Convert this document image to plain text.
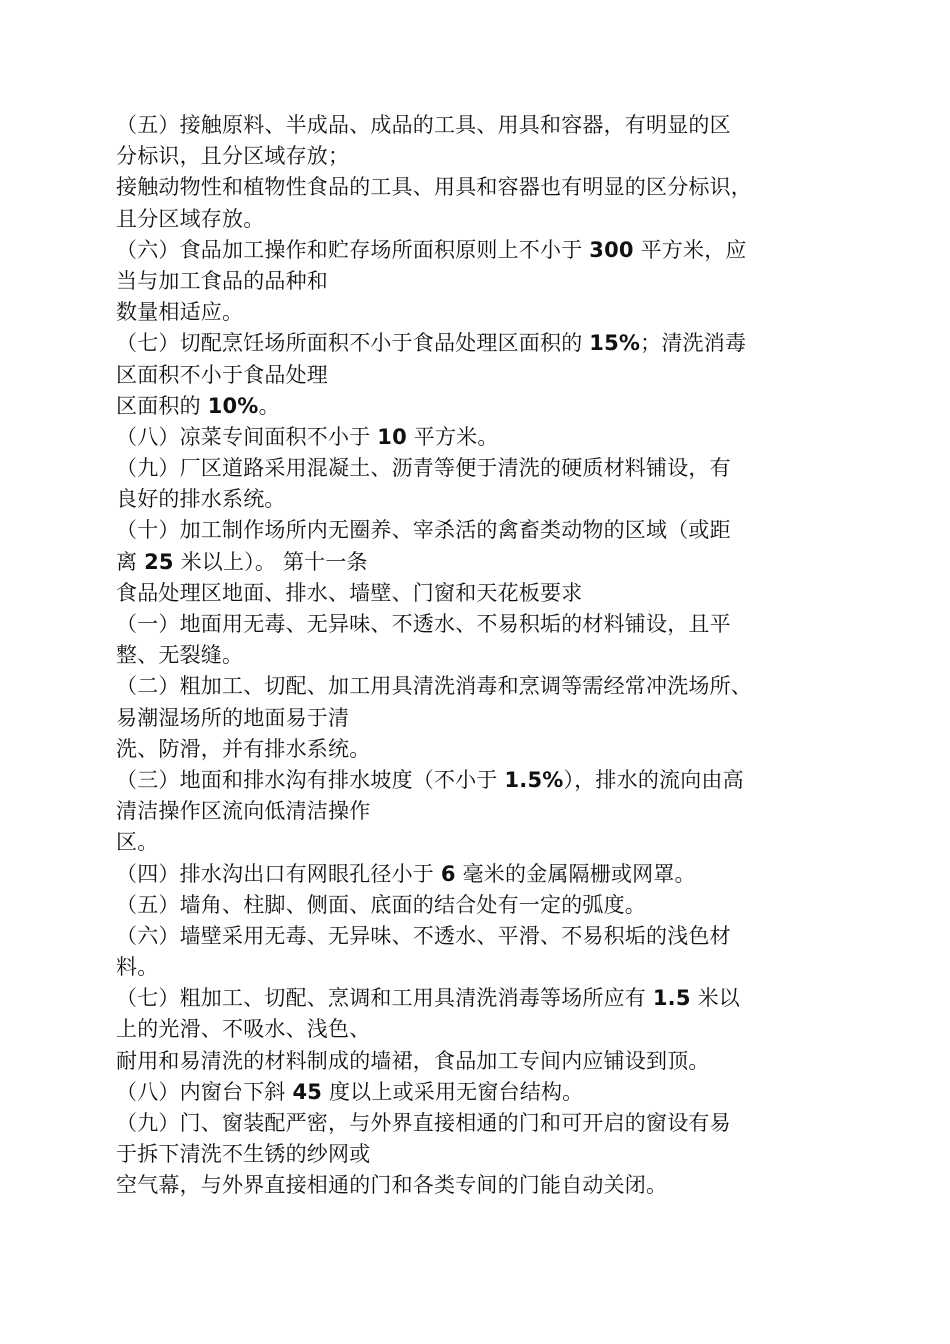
（五）接触原料、半成品、成品的工具、用具和容器，有明显的区
分标识，且分区域存放；
接触动物性和植物性食品的工具、用具和容器也有明显的区分标识，
且分区域存放。
（六）食品加工操作和贮存场所面积原则上不小于 300 平方米，应
当与加工食品的品种和
数量相适应。
（七）切配烹饪场所面积不小于食品处理区面积的 15%；清洗消毒
区面积不小于食品处理
区面积的 10%。
（八）凉菜专间面积不小于 10 平方米。
（九）厂区道路采用混凝土、沥青等便于清洗的硬质材料铺设，有
良好的排水系统。
（十）加工制作场所内无圈养、宰杀活的禽畜类动物的区域（或距
离 25 米以上）。 第十一条
食品处理区地面、排水、墙壁、门窗和天花板要求
（一）地面用无毒、无异味、不透水、不易积垢的材料铺设，且平
整、无裂缝。
（二）粗加工、切配、加工用具清洗消毒和烹调等需经常冲洗场所、
易潮湿场所的地面易于清
洗、防滑，并有排水系统。
（三）地面和排水沟有排水坡度（不小于 1.5%），排水的流向由高
清洁操作区流向低清洁操作
区。
（四）排水沟出口有网眼孔径小于 6 毫米的金属隔栅或网罩。
（五）墙角、柱脚、侧面、底面的结合处有一定的弧度。
（六）墙壁采用无毒、无异味、不透水、平滑、不易积垢的浅色材
料。
（七）粗加工、切配、烹调和工用具清洗消毒等场所应有 1.5 米以
上的光滑、不吸水、浅色、
耐用和易清洗的材料制成的墙裙，食品加工专间内应铺设到顶。
（八）内窗台下斜 45 度以上或采用无窗台结构。
（九）门、窗装配严密，与外界直接相通的门和可开启的窗设有易
于拆下清洗不生锈的纱网或
空气幕，与外界直接相通的门和各类专间的门能自动关闭。
